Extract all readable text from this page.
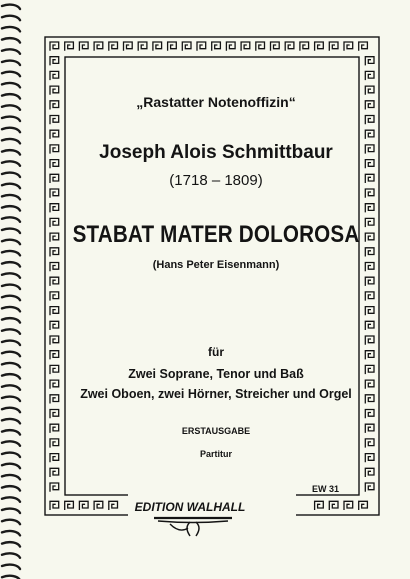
„Rastatter Notenoffizin“
Joseph Alois Schmittbaur
(1718 – 1809)
STABAT MATER DOLOROSA
(Hans Peter Eisenmann)
für
Zwei Soprane, Tenor und Baß
Zwei Oboen, zwei Hörner, Streicher und Orgel
ERSTAUSGABE
Partitur
EW 31
EDITION WALHALL
